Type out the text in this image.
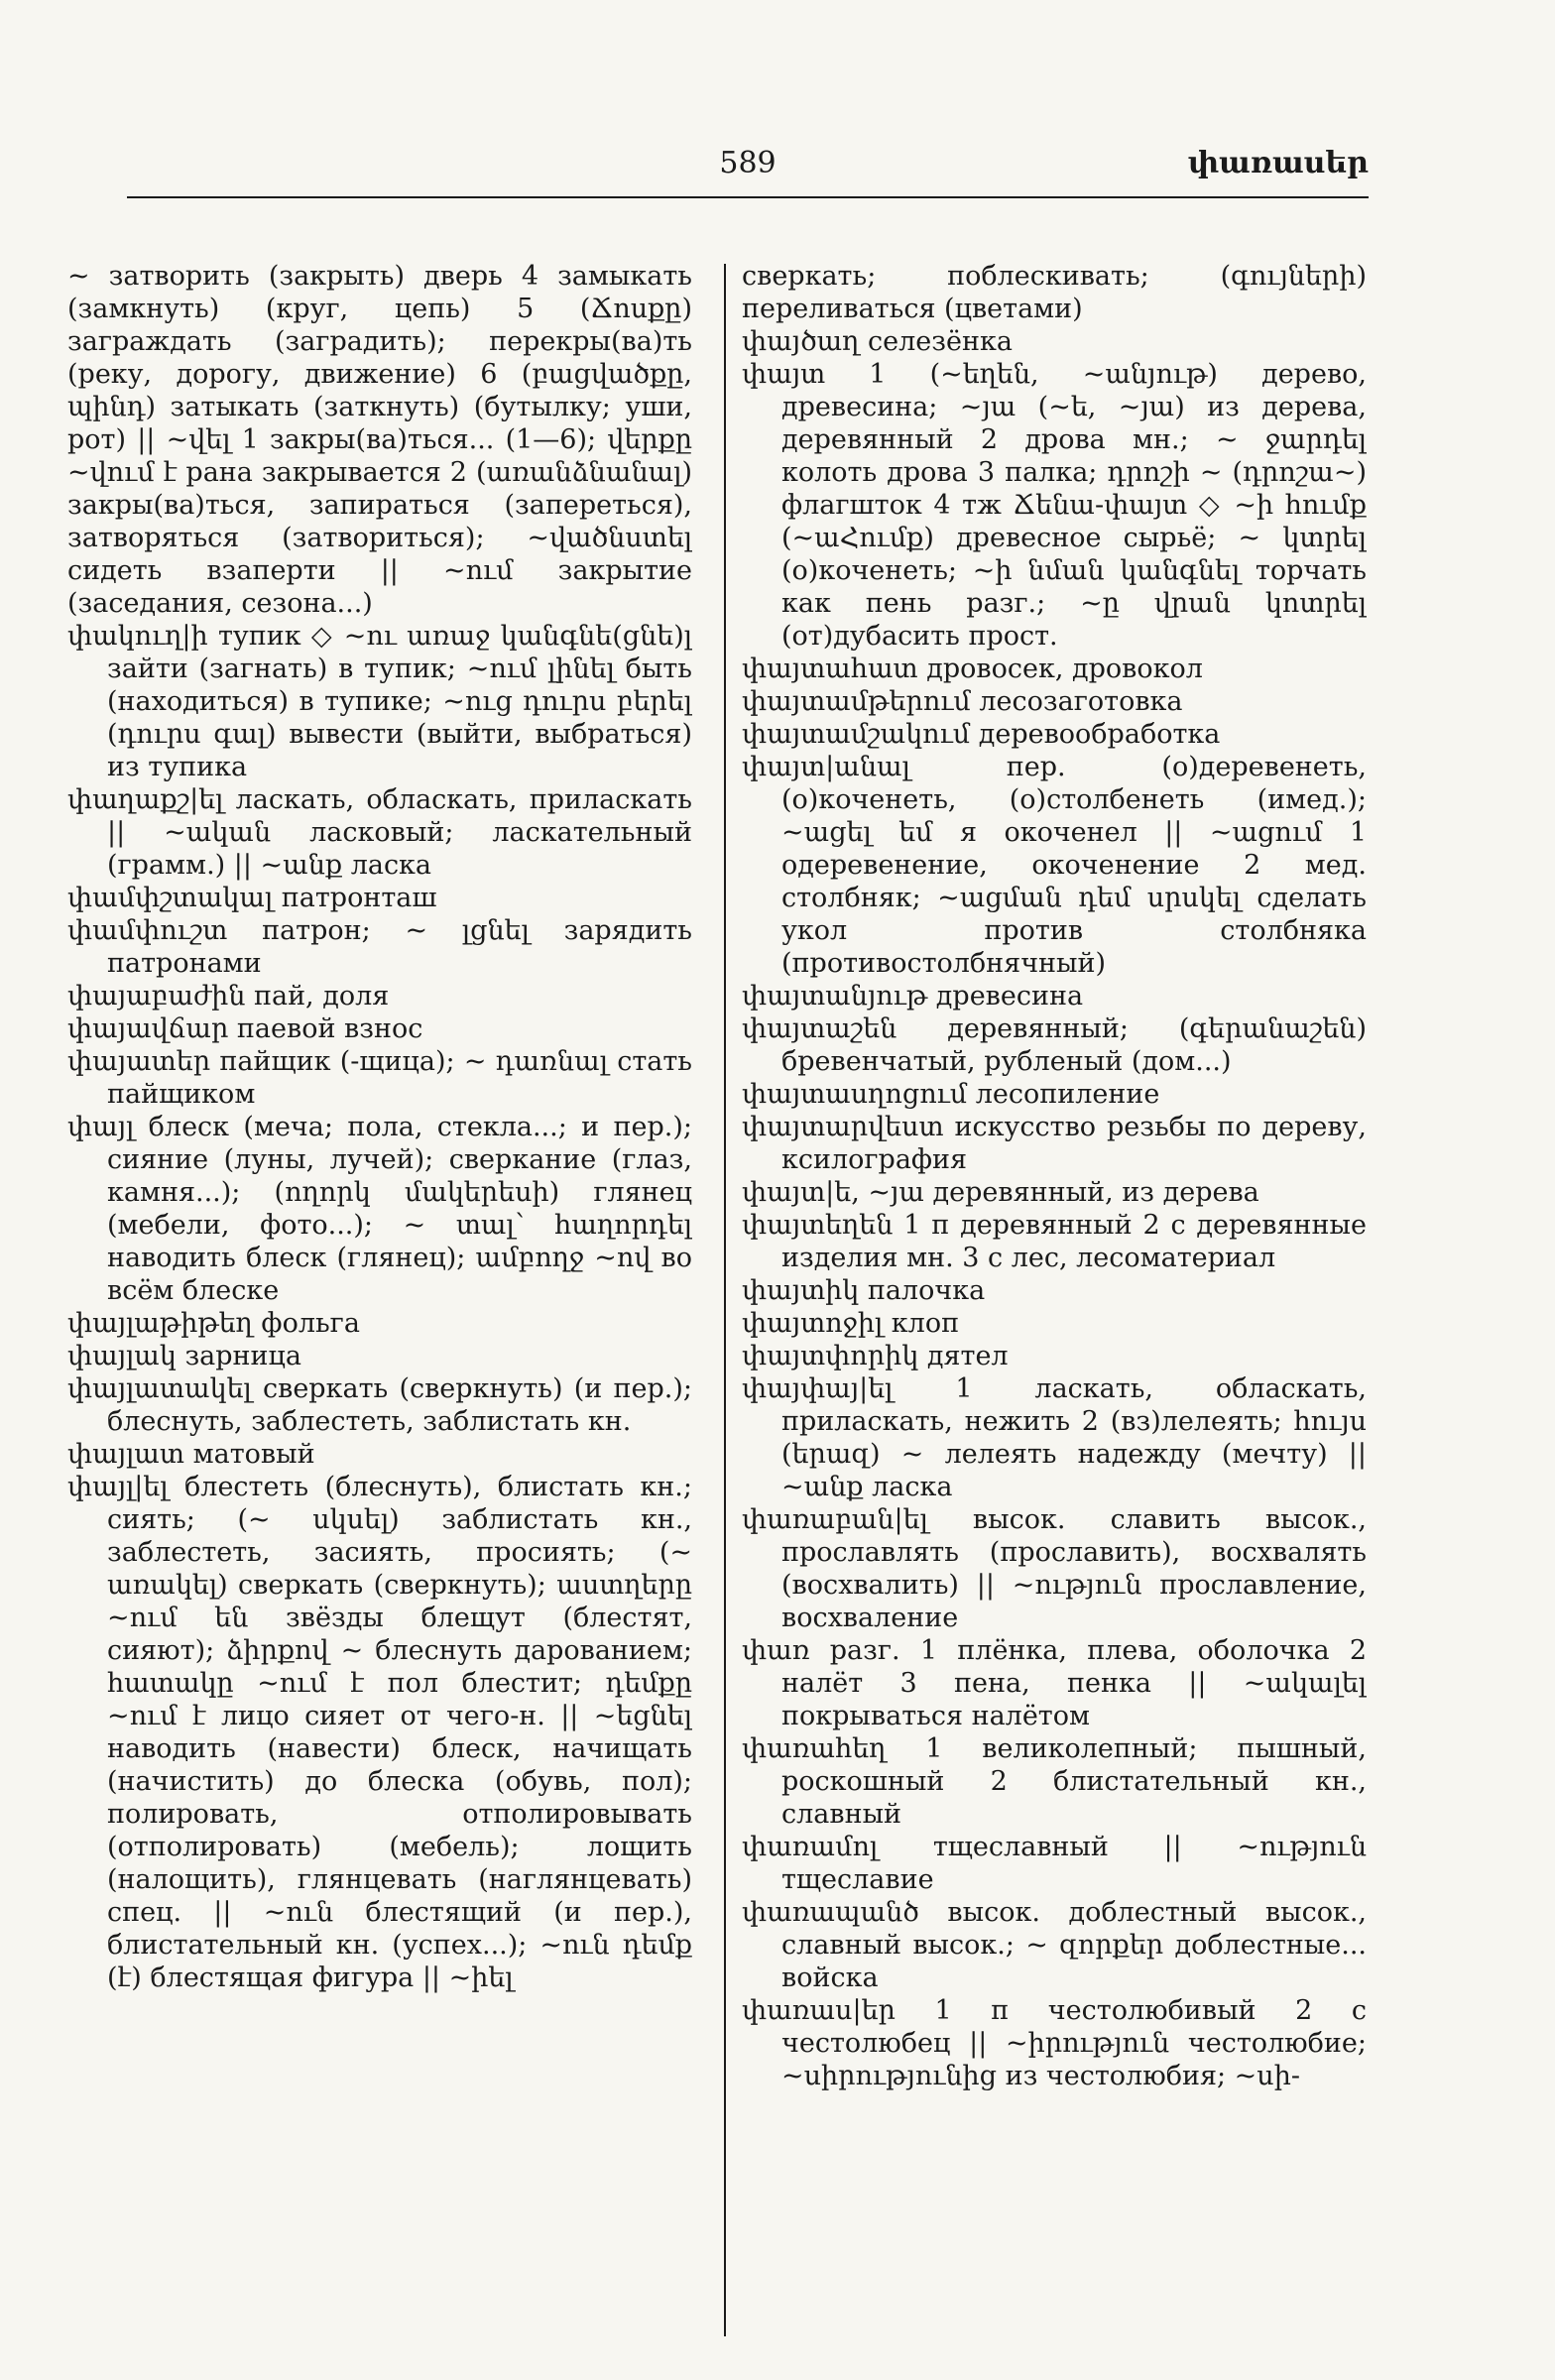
589	փառասեր

~ затворить (закрыть) дверь 4 замыкать (замкнуть) (круг, цепь) 5 (Ճոսքը) заграждать (заградить); перекры(ва)ть (реку, дорогу, движение) 6 (բացվածքը, պինդ) затыкать (заткнуть) (бутылку; уши, рот) || ~վել 1 закры(ва)ться... (1—6); վերքը ~վում է рана закрывается 2 (առանձնանալ) закры(ва)ться, запираться (запереться), затворяться (затвориться); ~վածնստել сидеть взаперти || ~ում закрытие (заседания, сезона...)

փակուղ|ի тупик ◇ ~ու առաջ կանգնե(ցնե)լ зайти (загнать) в тупик; ~ում լինել быть (находиться) в тупике; ~ուց դուրս բերել (դուրս գալ) вывести (выйти, выбраться) из тупика

փաղաքշ|ել ласкать, обласкать, приласкать || ~ական ласковый; ласкательный (грамм.) || ~անք ласка

փամփշտակալ патронташ

փամփուշտ патрон; ~ լցնել зарядить патронами

փայաբաժին пай, доля

փայավճար паевой взнос

փայատեր пайщик (-щица); ~ դառնալ стать пайщиком

փայլ блеск (меча; пола, стекла...; и пер.); сияние (луны, лучей); сверкание (глаз, камня...); (ողորկ մակերեսի) глянец (мебели, фото...); ~ տալ՝ հաղորդել наводить блеск (глянец); ամբողջ ~ով во всём блеске

փայլաթիթեղ фольга

փայլակ зарница

փայլատակել сверкать (сверкнуть) (и пер.); блеснуть, заблестеть, заблистать кн.

փայլատ матовый

փայլ|ել блестеть (блеснуть), блистать кн.; сиять; (~ սկսել) заблистать кн., заблестеть, засиять, просиять; (~ առակել) сверкать (сверкнуть); աստղերը ~ում են звёзды блещут (блестят, сияют); ձիրքով ~ блеснуть дарованием; հատակը ~ում է пол блестит; դեմքը ~ում է лицо сияет от чего-н. || ~եցնել наводить (навести) блеск, начищать (начистить) до блеска (обувь, пол); полировать, отполировывать (отполировать) (мебель); лощить (налощить), глянцевать (наглянцевать) спец. || ~ուն блестящий (и пер.), блистательный кн. (успех...); ~ուն դեմք (է) блестящая фигура || ~իել

сверкать; поблескивать; (գույների) переливаться (цветами)

փայծաղ селезёнка

փայտ 1 (~եղեն, ~անյութ) дерево, древесина; ~յա (~ե, ~յա) из дерева, деревянный 2 дрова мн.; ~ ջարդել колоть дрова 3 палка; դրոշի ~ (դրոշա~) флагшток 4 тж Ճենա-փայտ ◇ ~ի հումք (~աՀումք) древесное сырьё; ~ կտրել (о)коченеть; ~ի նման կանգնել торчать как пень разг.; ~ը վրան կոտրել (от)дубасить прост.

փայտահատ дровосек, дровокол

փայտամթերում лесозаготовка

փայտամշակում деревообработка

փայտ|անալ пер. (о)деревенеть, (о)коченеть, (о)столбенеть (имед.); ~ացել եմ я окоченел || ~ացում 1 одеревенение, окоченение 2 мед. столбняк; ~ացման դեմ սրսկել сделать укол против столбняка (противостолбнячный)

փայտանյութ древесина

փայտաշեն деревянный; (գերանաշեն) бревенчатый, рубленый (дом...)

փայտասղոցում лесопиление

փայտարվեստ искусство резьбы по дереву, ксилография

փայտ|ե, ~յա деревянный, из дерева

փայտեղեն 1 п деревянный 2 с деревянные изделия мн. 3 с лес, лесоматериал

փայտիկ палочка

փայտոջիլ клоп

փայտփորիկ дятел

փայփայ|ել 1 ласкать, обласкать, приласкать, нежить 2 (вз)лелеять; հույս (երազ) ~ лелеять надежду (мечту) || ~անք ласка

փառաբան|ել высок. славить высок., прославлять (прославить), восхвалять (восхвалить) || ~ություն прославление, восхваление

փառ разг. 1 плёнка, плева, оболочка 2 налёт 3 пена, пенка || ~ակալել покрываться налётом

փառահեղ 1 великолепный; пышный, роскошный 2 блистательный кн., славный

փառամոլ тщеславный || ~ություն тщеславие

փառապանծ высок. доблестный высок., славный высок.; ~ զորքեր доблестные... войска

փառաս|եր 1 п честолюбивый 2 с честолюбец || ~իրություն честолюбие; ~սիրությունից из честолюбия; ~սի-
